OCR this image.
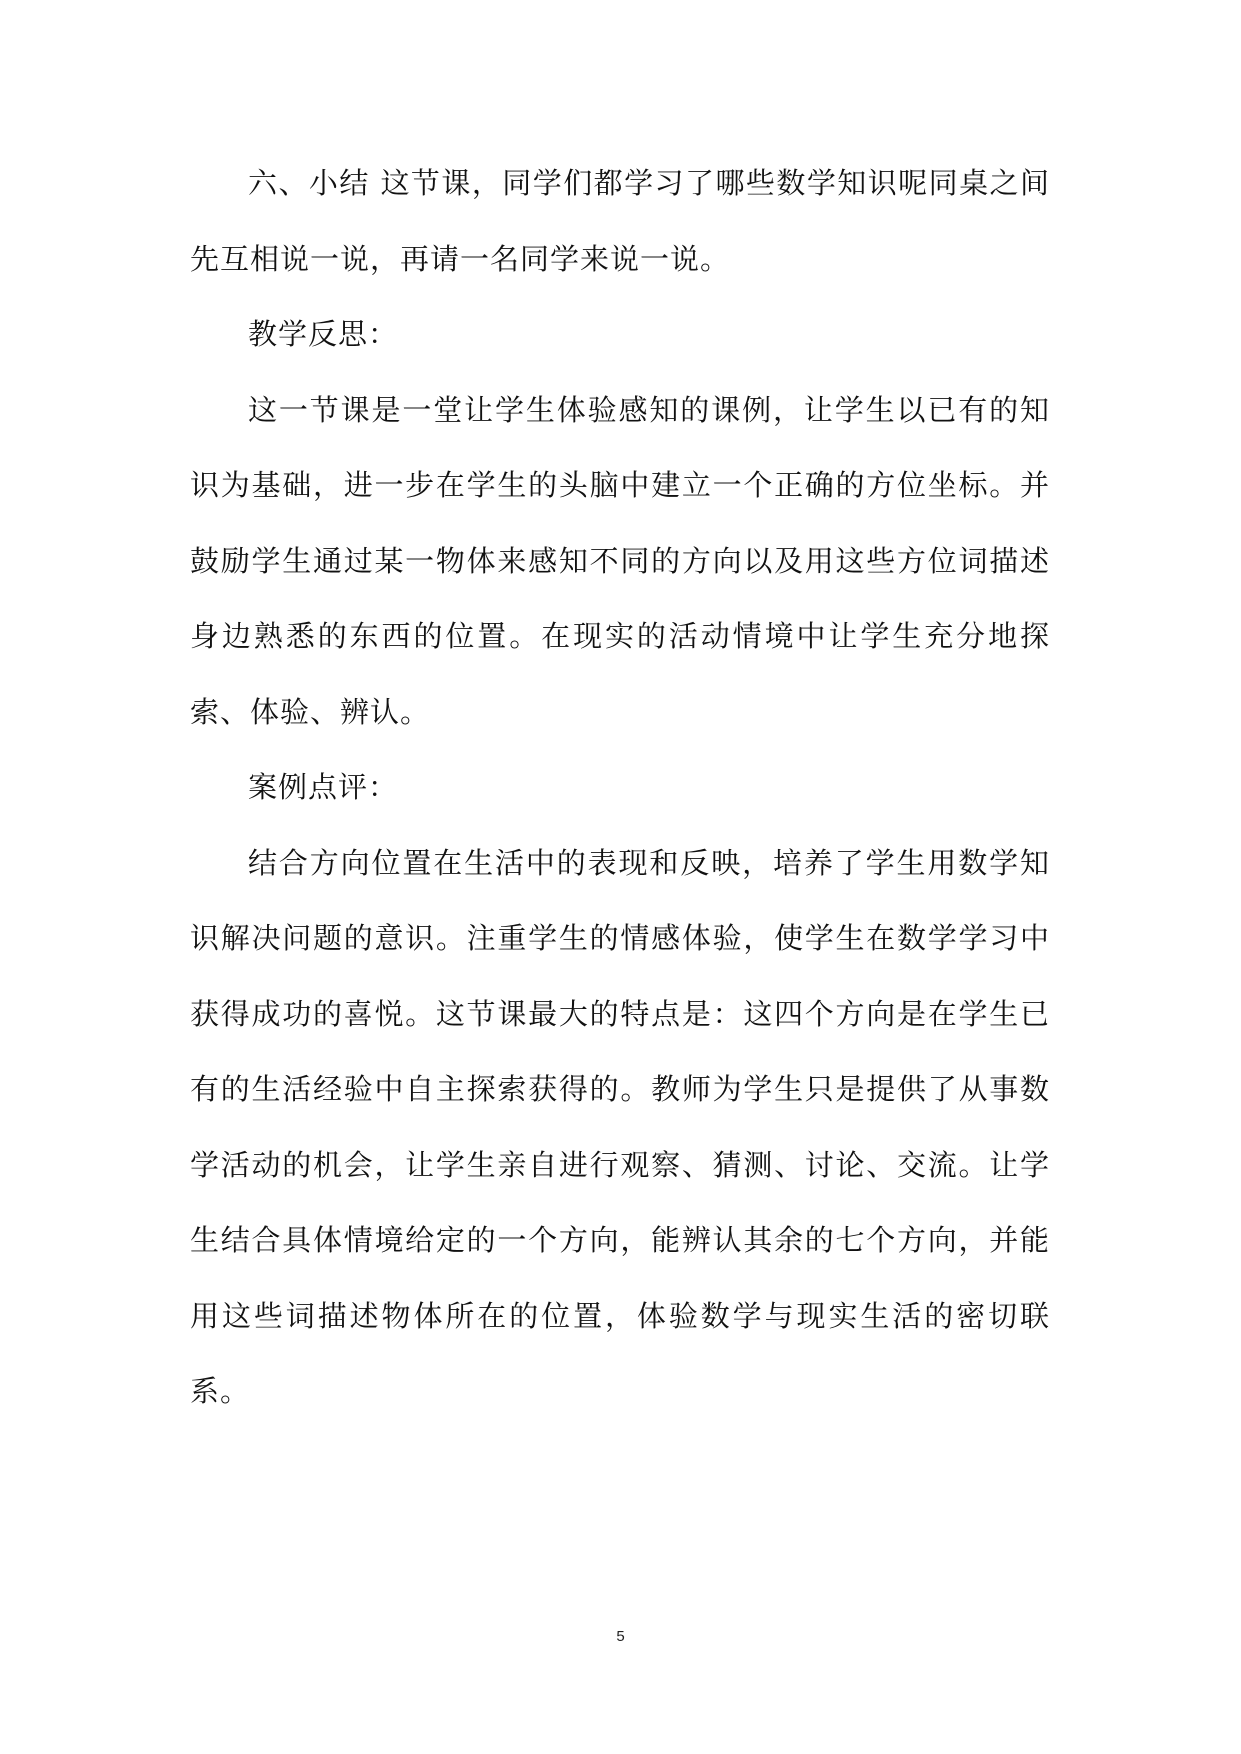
六、小结 这节课，同学们都学习了哪些数学知识呢同桌之间先互相说一说，再请一名同学来说一说。

教学反思：

这一节课是一堂让学生体验感知的课例，让学生以已有的知识为基础，进一步在学生的头脑中建立一个正确的方位坐标。并鼓励学生通过某一物体来感知不同的方向以及用这些方位词描述身边熟悉的东西的位置。在现实的活动情境中让学生充分地探索、体验、辨认。

案例点评：

结合方向位置在生活中的表现和反映，培养了学生用数学知识解决问题的意识。注重学生的情感体验，使学生在数学学习中获得成功的喜悦。这节课最大的特点是：这四个方向是在学生已有的生活经验中自主探索获得的。教师为学生只是提供了从事数学活动的机会，让学生亲自进行观察、猜测、讨论、交流。让学生结合具体情境给定的一个方向，能辨认其余的七个方向，并能用这些词描述物体所在的位置，体验数学与现实生活的密切联系。

5
